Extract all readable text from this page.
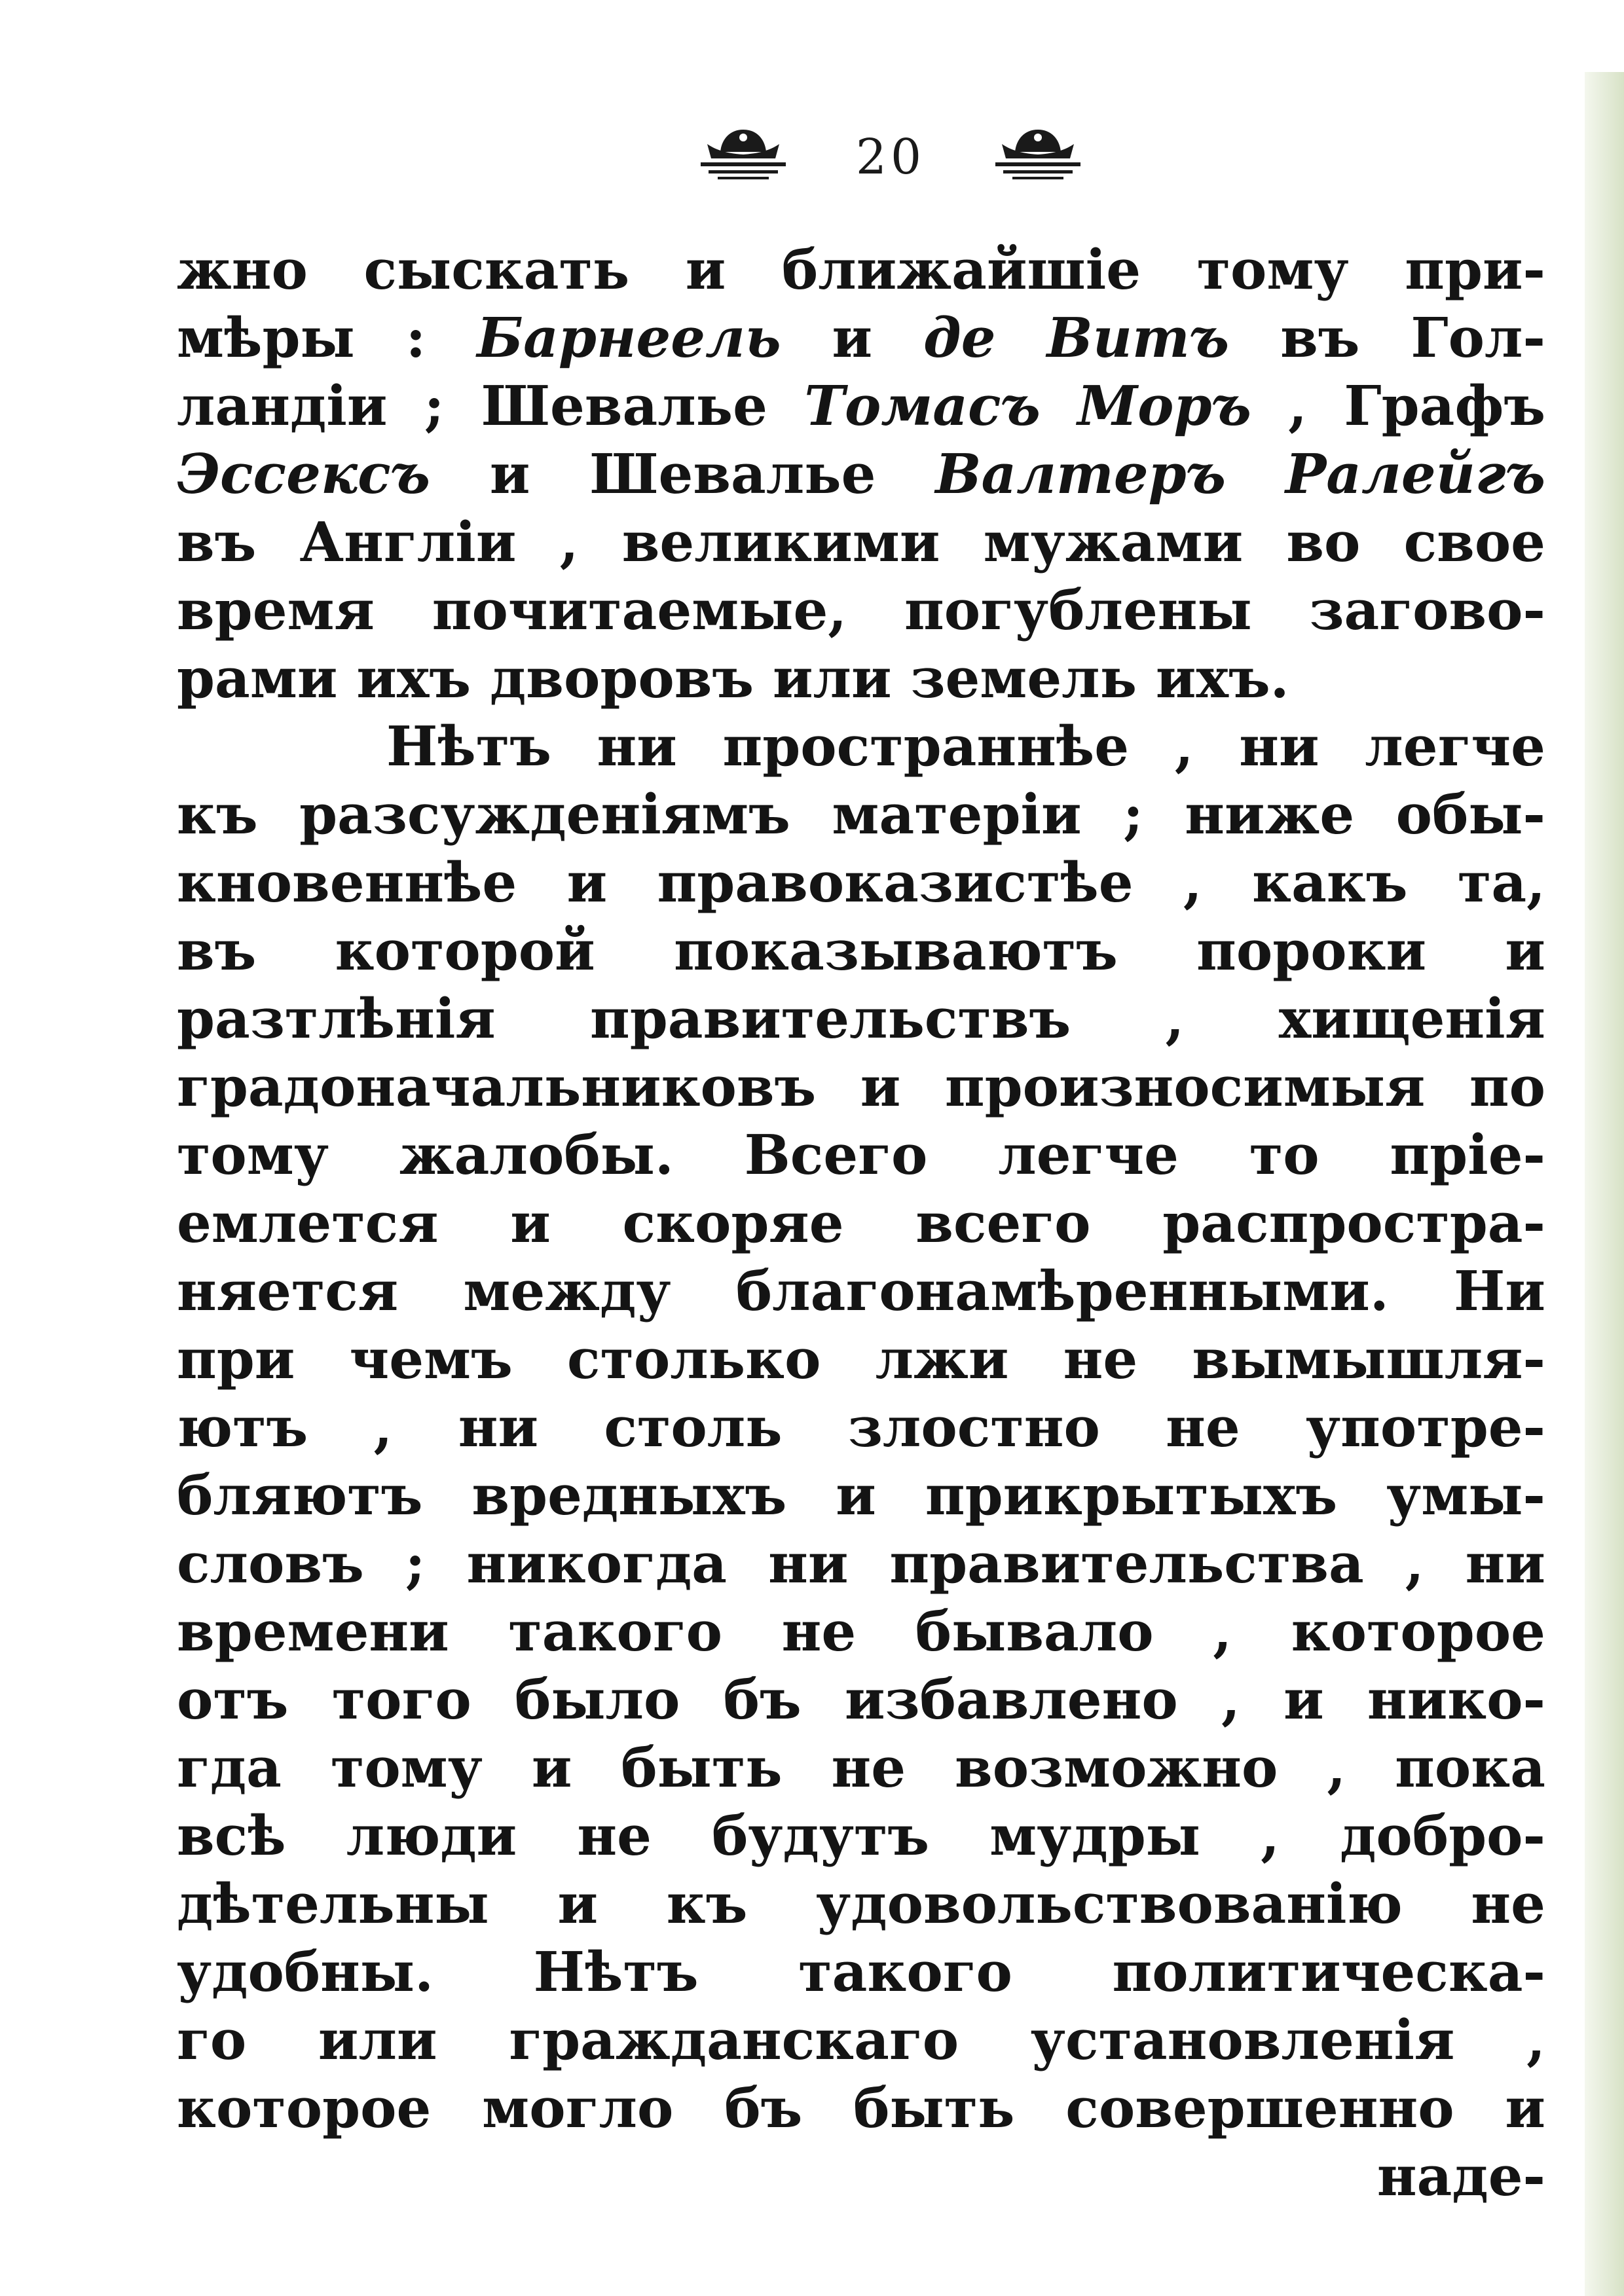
20
жно сыскать и ближайшіе тому при-
мѣры : Барнеель и де Витъ въ Гол-
ландіи ; Шевалье Томасъ Моръ , Графъ
Эссексъ и Шевалье Валтеръ Ралейгъ
въ Англіи , великими мужами во свое
время почитаемые, погублены загово-
рами ихъ дворовъ или земель ихъ.
Нѣтъ ни пространнѣе , ни легче
къ разсужденіямъ матеріи ; ниже обы-
кновеннѣе и правоказистѣе , какъ та,
въ которой показываютъ пороки и
разтлѣнія правительствъ , хищенія
градоначальниковъ и произносимыя по
тому жалобы. Всего легче то пріе-
емлется и скоряе всего распростра-
няется между благонамѣренными. Ни
при чемъ столько лжи не вымышля-
ютъ , ни столь злостно не употре-
бляютъ вредныхъ и прикрытыхъ умы-
словъ ; никогда ни правительства , ни
времени такого не бывало , которое
отъ того было бъ избавлено , и нико-
гда тому и быть не возможно , пока
всѣ люди не будутъ мудры , добро-
дѣтельны и къ удовольствованію не
удобны. Нѣтъ такого политическа-
го или гражданскаго установленія ,
которое могло бъ быть совершенно и
наде-
